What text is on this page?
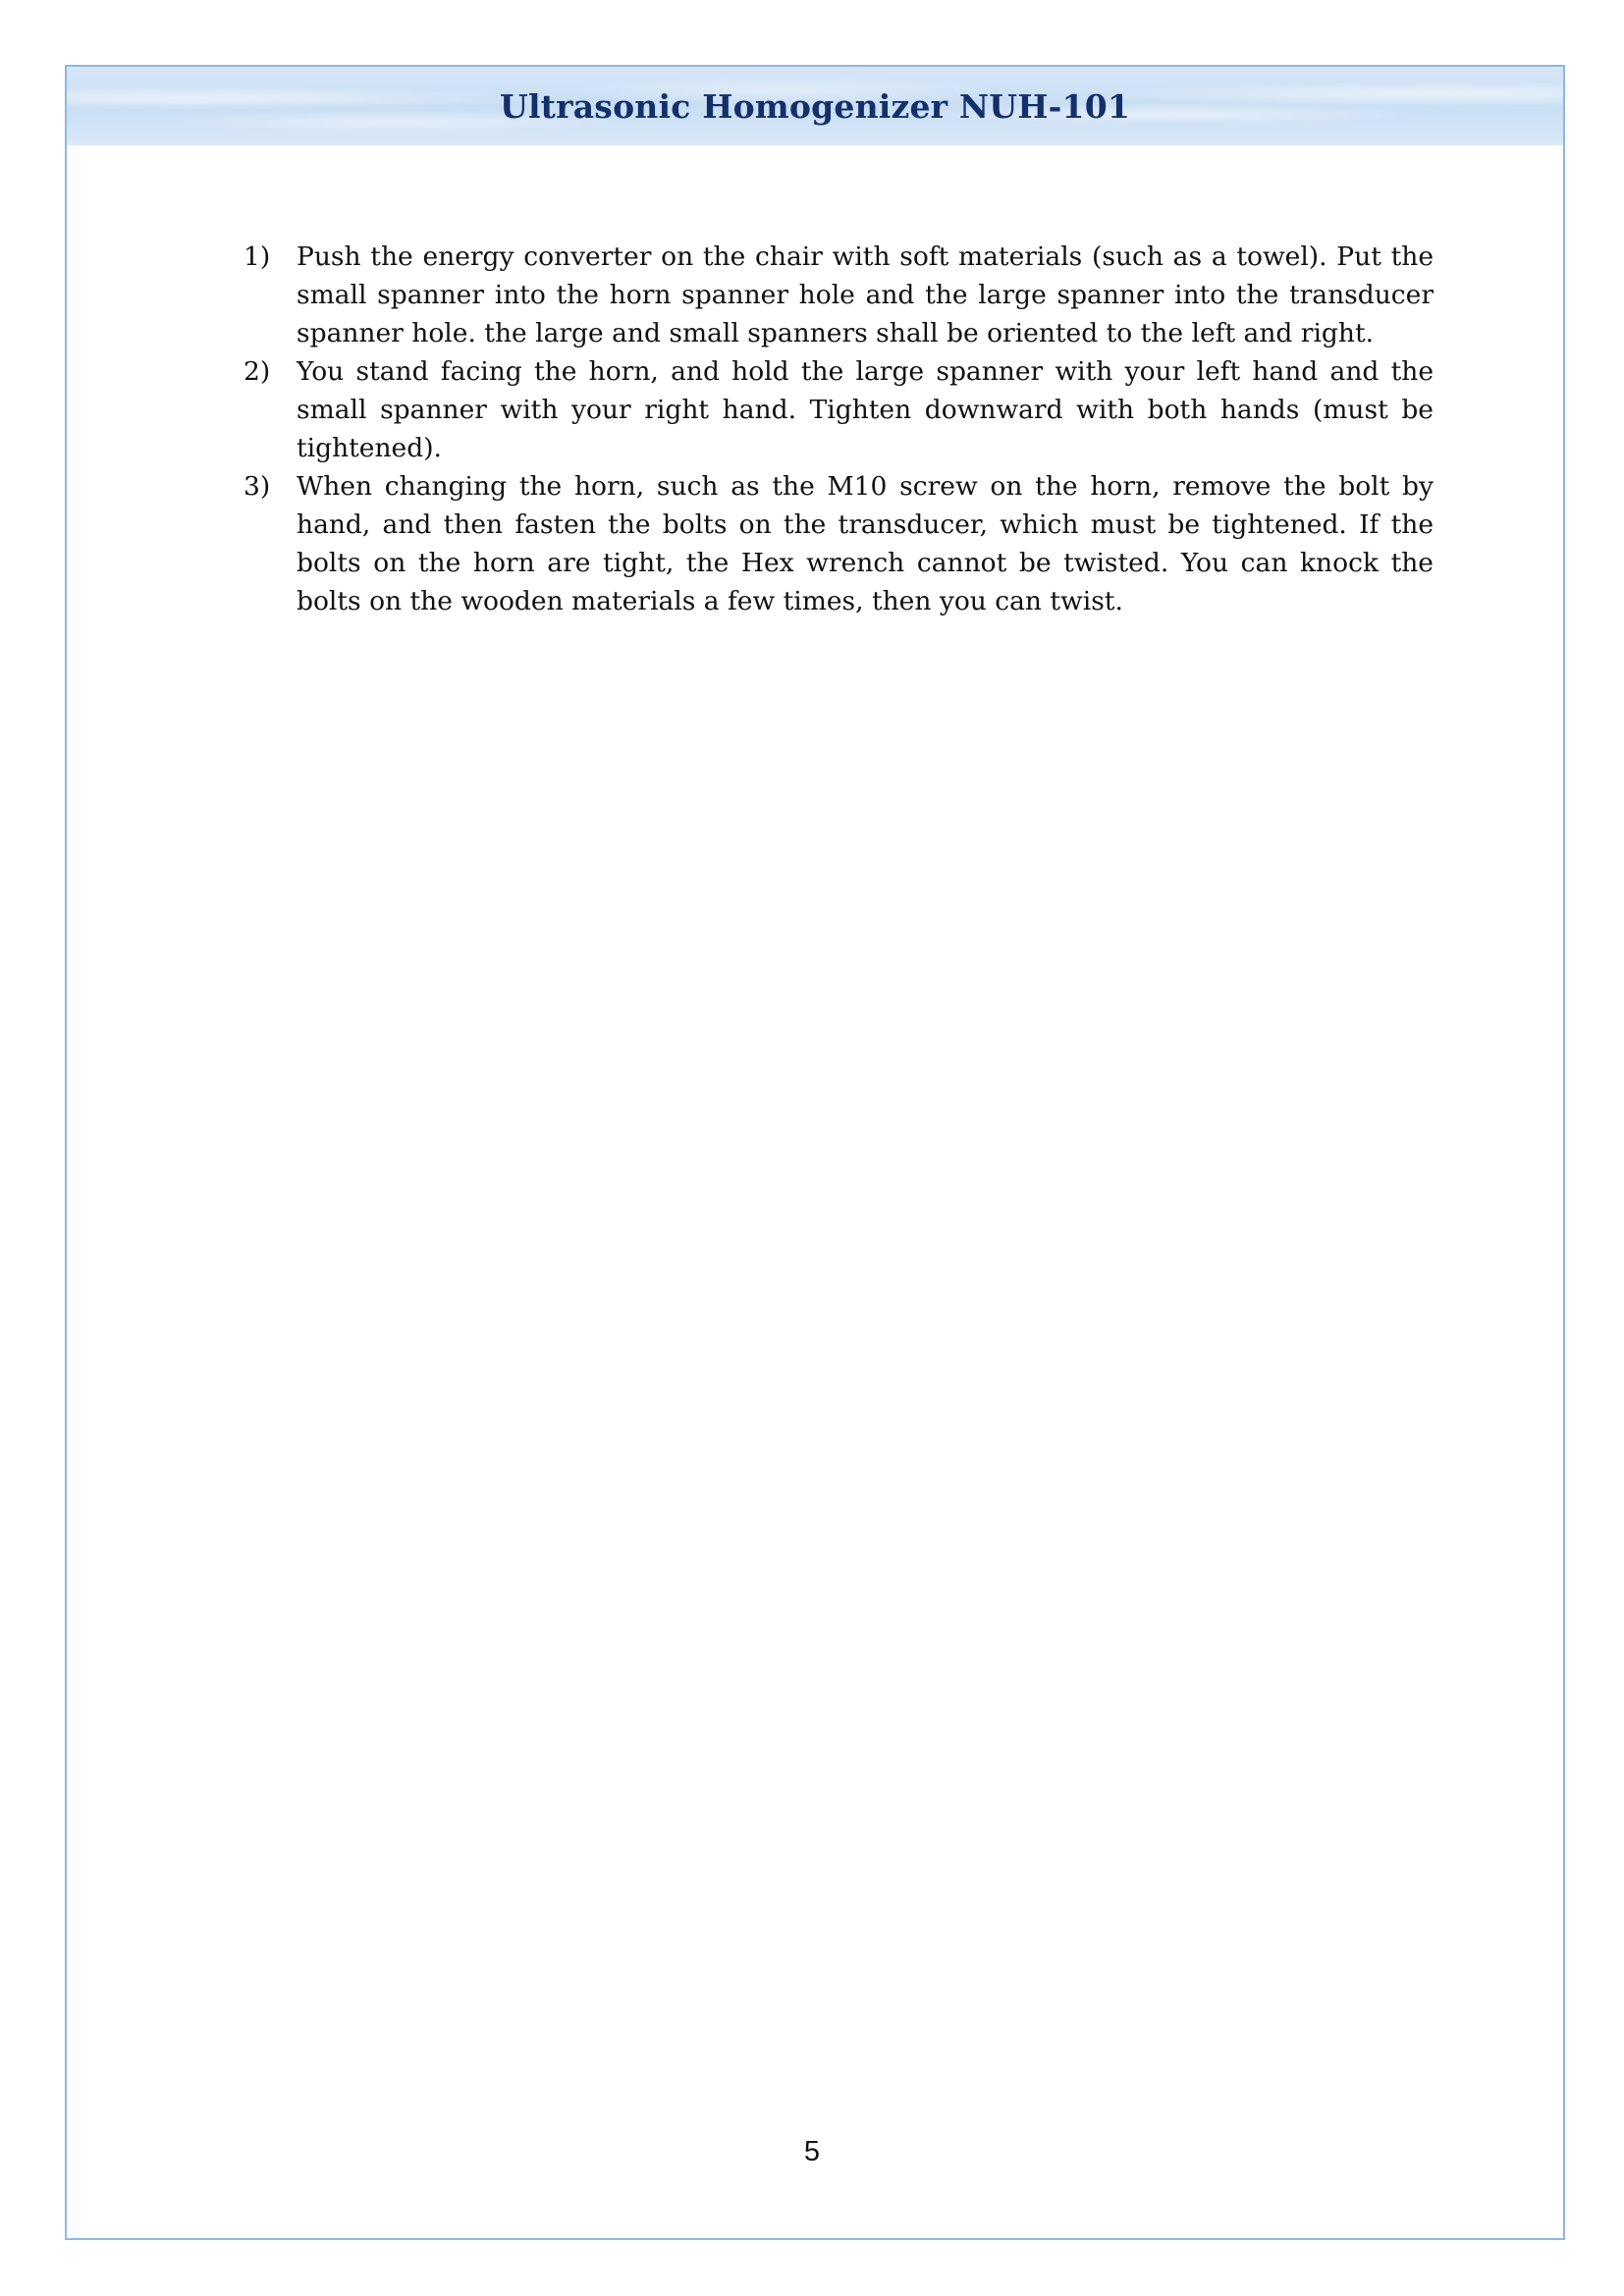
Ultrasonic Homogenizer NUH-101
1)	Push the energy converter on the chair with soft materials (such as a towel). Put the small spanner into the horn spanner hole and the large spanner into the transducer spanner hole. the large and small spanners shall be oriented to the left and right.
2)	You stand facing the horn, and hold the large spanner with your left hand and the small spanner with your right hand. Tighten downward with both hands (must be tightened).
3)	When changing the horn, such as the M10 screw on the horn, remove the bolt by hand, and then fasten the bolts on the transducer, which must be tightened. If the bolts on the horn are tight, the Hex wrench cannot be twisted. You can knock the bolts on the wooden materials a few times, then you can twist.
5
